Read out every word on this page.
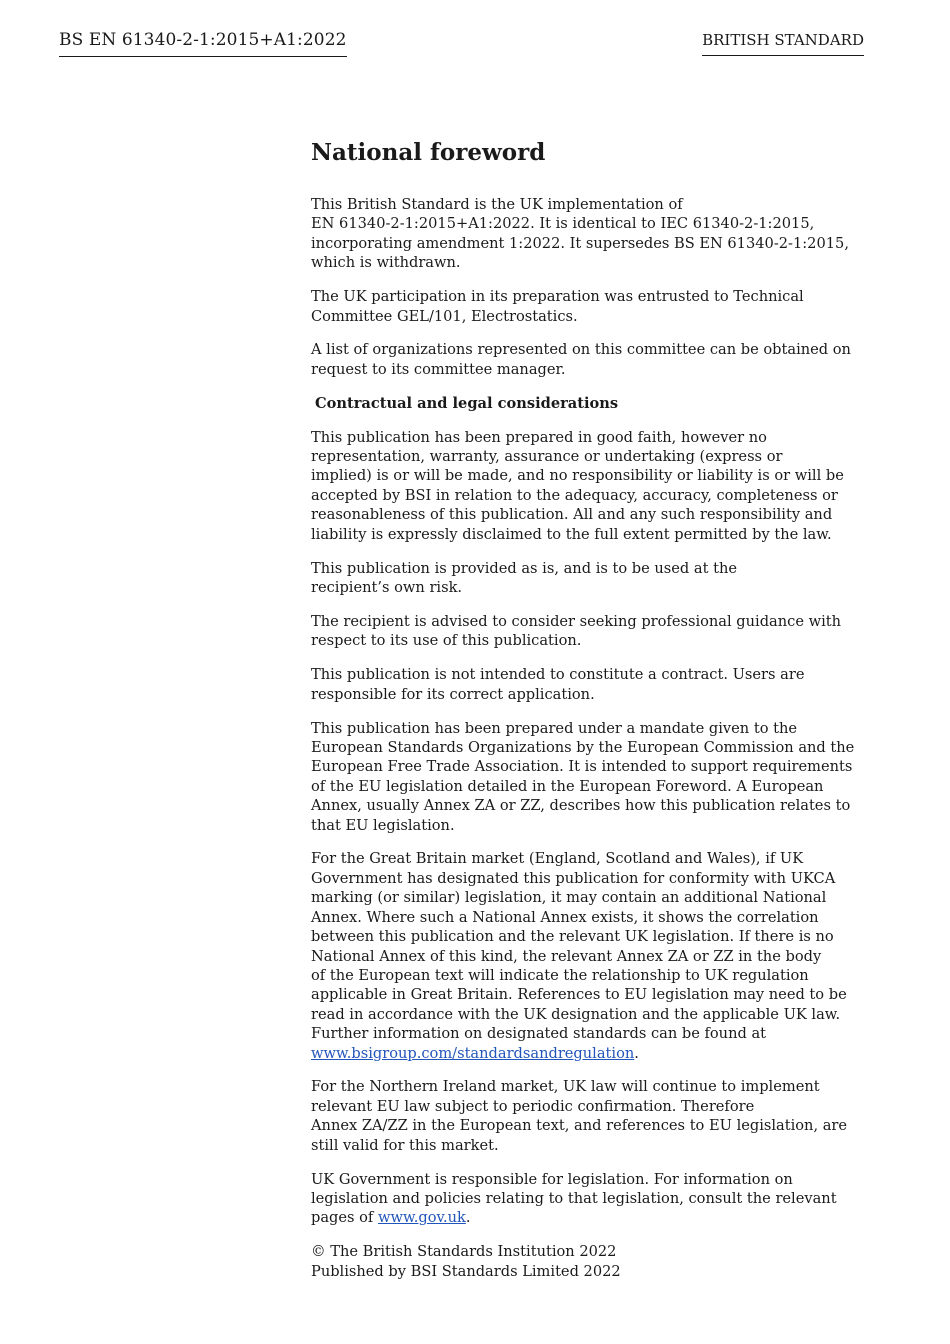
BS EN 61340-2-1:2015+A1:2022	BRITISH STANDARD
National foreword

This British Standard is the UK implementation of
EN 61340-2-1:2015+A1:2022. It is identical to IEC 61340-2-1:2015,
incorporating amendment 1:2022. It supersedes BS EN 61340-2-1:2015,
which is withdrawn.

The UK participation in its preparation was entrusted to Technical
Committee GEL/101, Electrostatics.

A list of organizations represented on this committee can be obtained on
request to its committee manager.

Contractual and legal considerations

This publication has been prepared in good faith, however no
representation, warranty, assurance or undertaking (express or
implied) is or will be made, and no responsibility or liability is or will be
accepted by BSI in relation to the adequacy, accuracy, completeness or
reasonableness of this publication. All and any such responsibility and
liability is expressly disclaimed to the full extent permitted by the law.

This publication is provided as is, and is to be used at the
recipient’s own risk.

The recipient is advised to consider seeking professional guidance with
respect to its use of this publication.

This publication is not intended to constitute a contract. Users are
responsible for its correct application.

This publication has been prepared under a mandate given to the
European Standards Organizations by the European Commission and the
European Free Trade Association. It is intended to support requirements
of the EU legislation detailed in the European Foreword. A European
Annex, usually Annex ZA or ZZ, describes how this publication relates to
that EU legislation.

For the Great Britain market (England, Scotland and Wales), if UK
Government has designated this publication for conformity with UKCA
marking (or similar) legislation, it may contain an additional National
Annex. Where such a National Annex exists, it shows the correlation
between this publication and the relevant UK legislation. If there is no
National Annex of this kind, the relevant Annex ZA or ZZ in the body
of the European text will indicate the relationship to UK regulation
applicable in Great Britain. References to EU legislation may need to be
read in accordance with the UK designation and the applicable UK law.
Further information on designated standards can be found at
www.bsigroup.com/standardsandregulation.

For the Northern Ireland market, UK law will continue to implement
relevant EU law subject to periodic confirmation. Therefore
Annex ZA/ZZ in the European text, and references to EU legislation, are
still valid for this market.

UK Government is responsible for legislation. For information on
legislation and policies relating to that legislation, consult the relevant
pages of www.gov.uk.

© The British Standards Institution 2022
Published by BSI Standards Limited 2022
